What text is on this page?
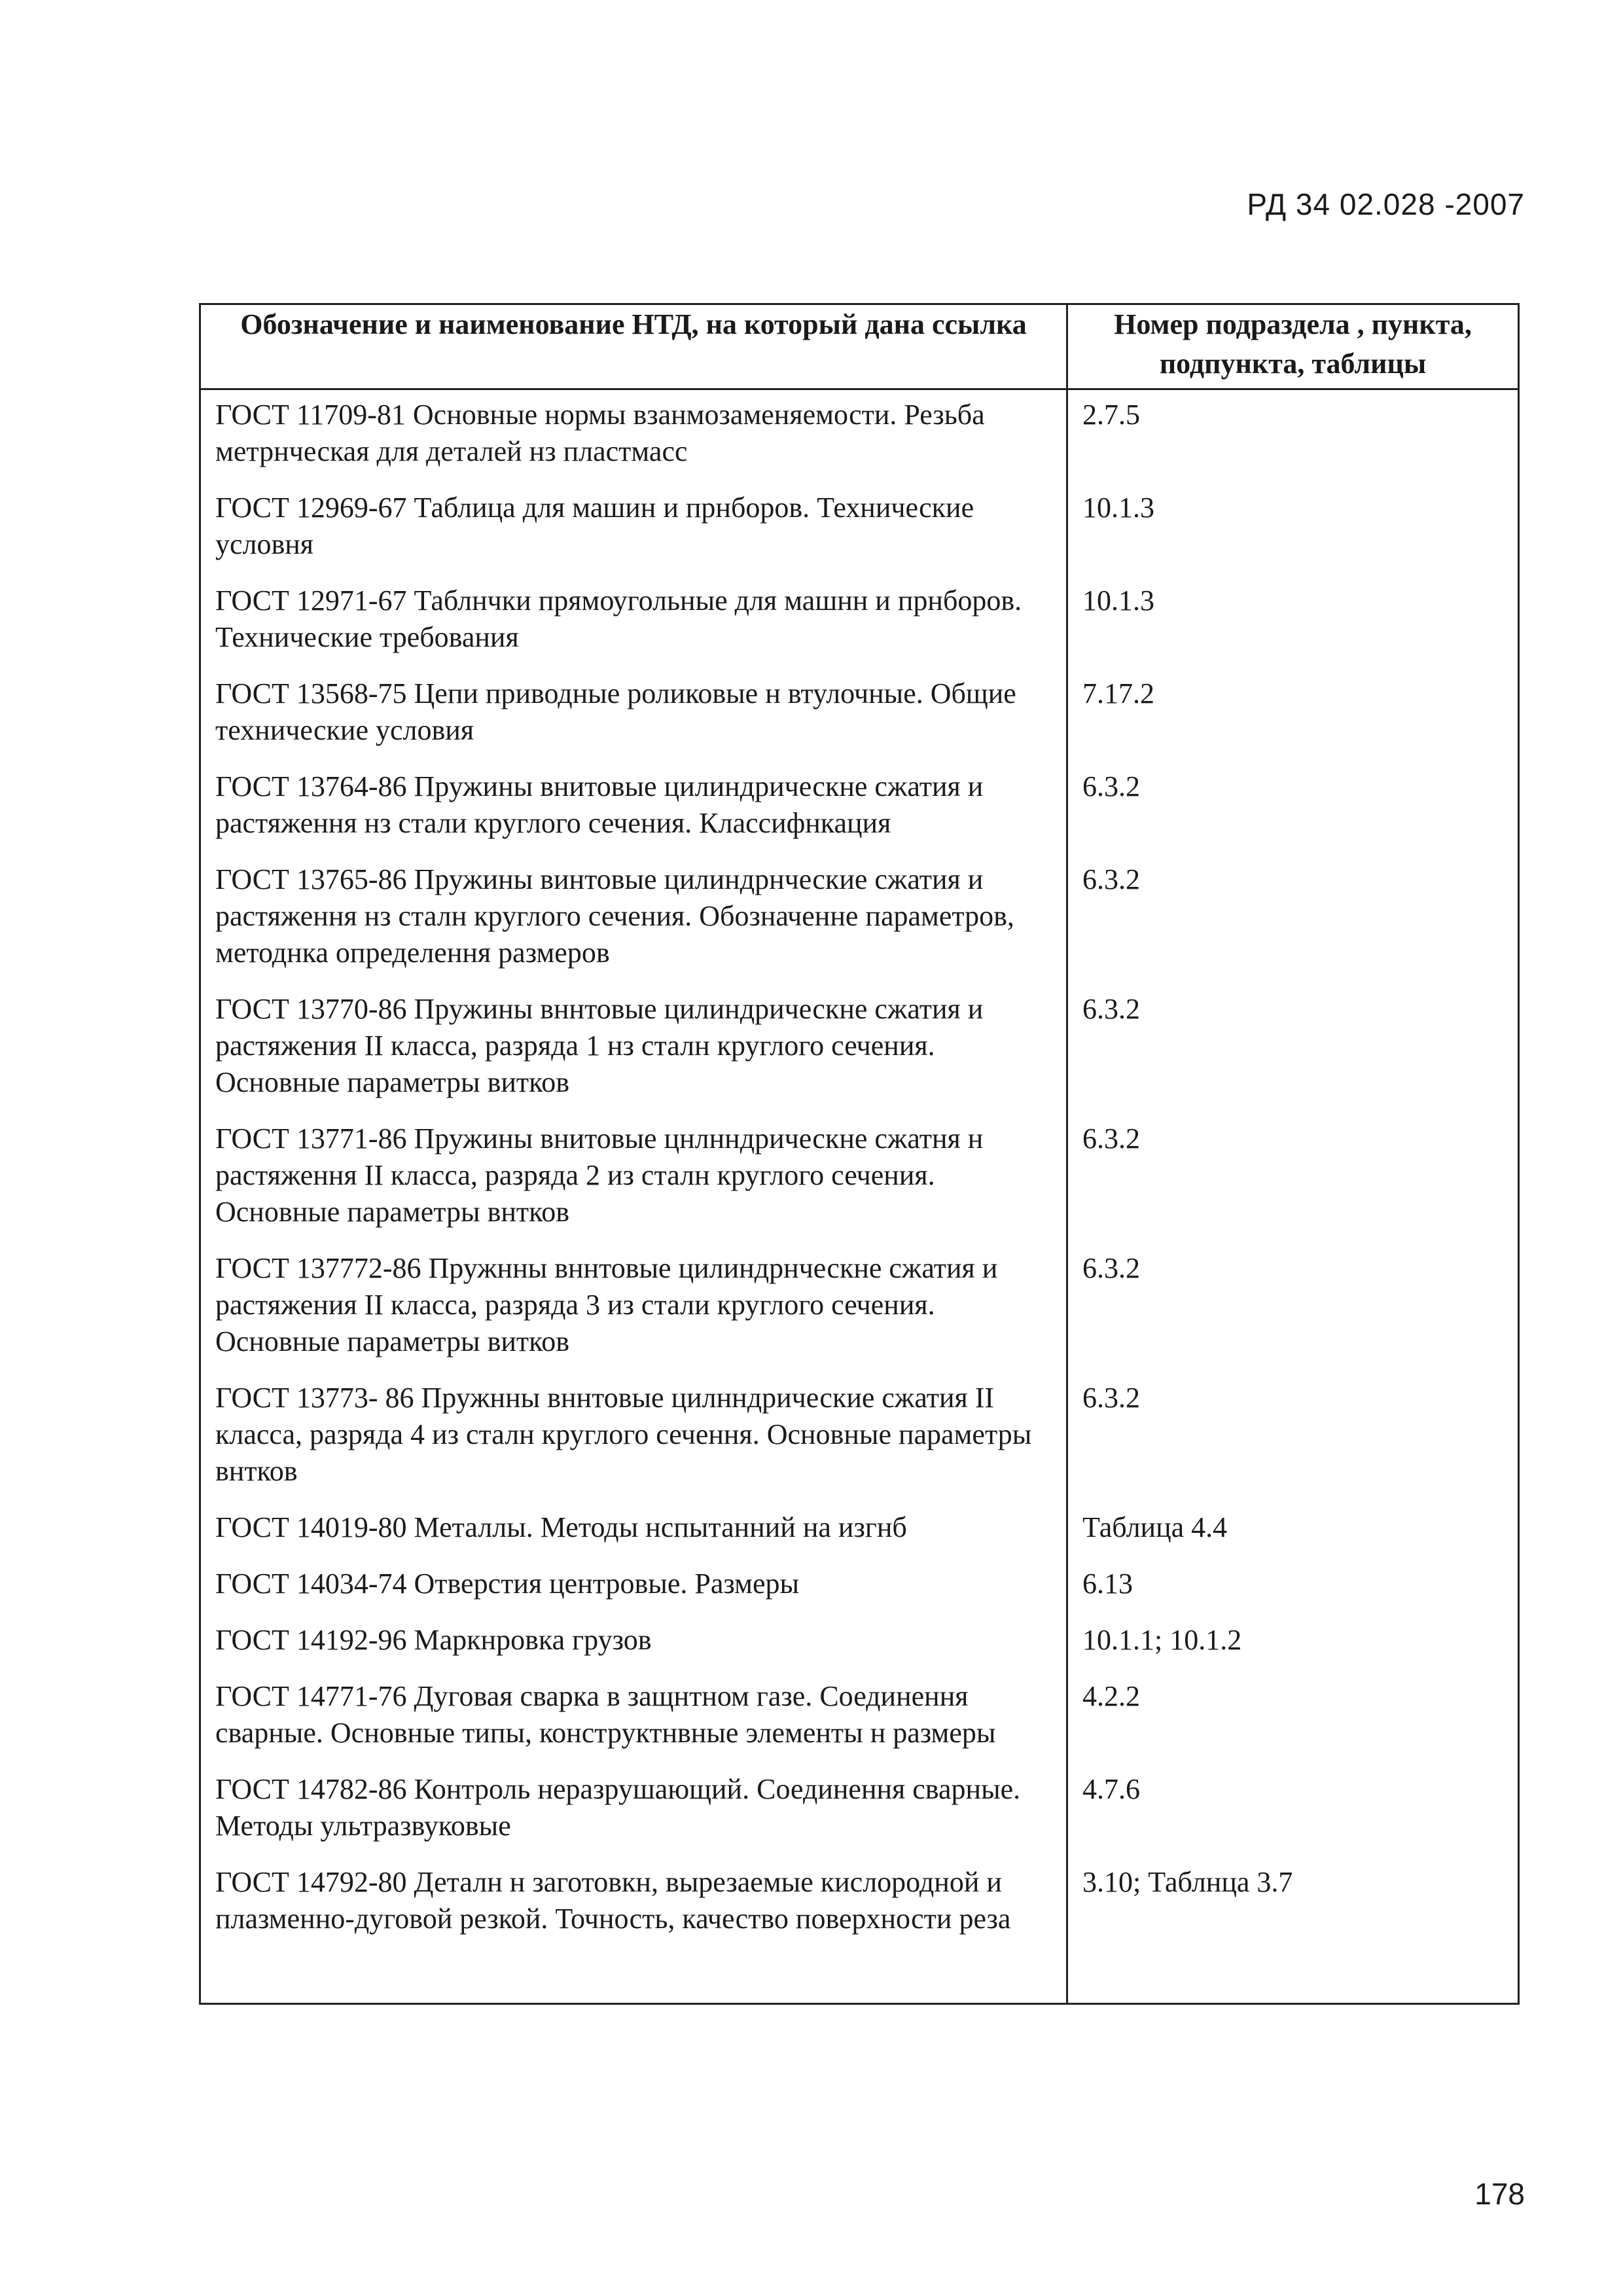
РД 34 02.028 -2007
Обозначение и наименование НТД, на который дана ссылка	Номер подраздела , пункта, подпункта, таблицы
ГОСТ 11709-81 Основные нормы взанмозаменяемости. Резьба метрнческая для деталей нз пластмасс	2.7.5
ГОСТ 12969-67 Таблица для машин и прнборов. Технические условня	10.1.3
ГОСТ 12971-67 Таблнчки прямоугольные для машнн и прнборов. Технические требования	10.1.3
ГОСТ 13568-75 Цепи приводные роликовые н втулочные. Общие технические условия	7.17.2
ГОСТ 13764-86 Пружины внитовые цилиндрическне сжатия и растяження нз стали круглого сечения. Классифнкация	6.3.2
ГОСТ 13765-86 Пружины винтовые цилиндрнческие сжатия и растяження нз сталн круглого сечения. Обозначенне параметров, методнка определення размеров	6.3.2
ГОСТ 13770-86 Пружины вннтовые цилиндрическне сжатия и растяжения II класса, разряда 1 нз сталн круглого сечения. Основные параметры витков	6.3.2
ГОСТ 13771-86 Пружины внитовые цнлнндрическне сжатня н растяження II класса, разряда 2 из сталн круглого сечения. Основные параметры внтков	6.3.2
ГОСТ 137772-86 Пружнны вннтовые цилиндрнческне сжатия и растяжения II класса, разряда 3 из стали круглого сечения. Основные параметры витков	6.3.2
ГОСТ 13773- 86 Пружнны вннтовые цилнндрические сжатия II класса, разряда 4 из сталн круглого сечення. Основные параметры внтков	6.3.2
ГОСТ 14019-80 Металлы. Методы нспытанний на изгнб	Таблица 4.4
ГОСТ 14034-74 Отверстия центровые. Размеры	6.13
ГОСТ 14192-96 Маркнровка грузов	10.1.1; 10.1.2
ГОСТ 14771-76 Дуговая сварка в защнтном газе. Соединення сварные. Основные типы, конструктнвные элементы н размеры	4.2.2
ГОСТ 14782-86 Контроль неразрушающий. Соединення сварные. Методы ультразвуковые	4.7.6
ГОСТ 14792-80 Деталн н заготовкн, вырезаемые кислородной и плазменно-дуговой резкой. Точность, качество поверхности реза	3.10; Таблнца 3.7

178
